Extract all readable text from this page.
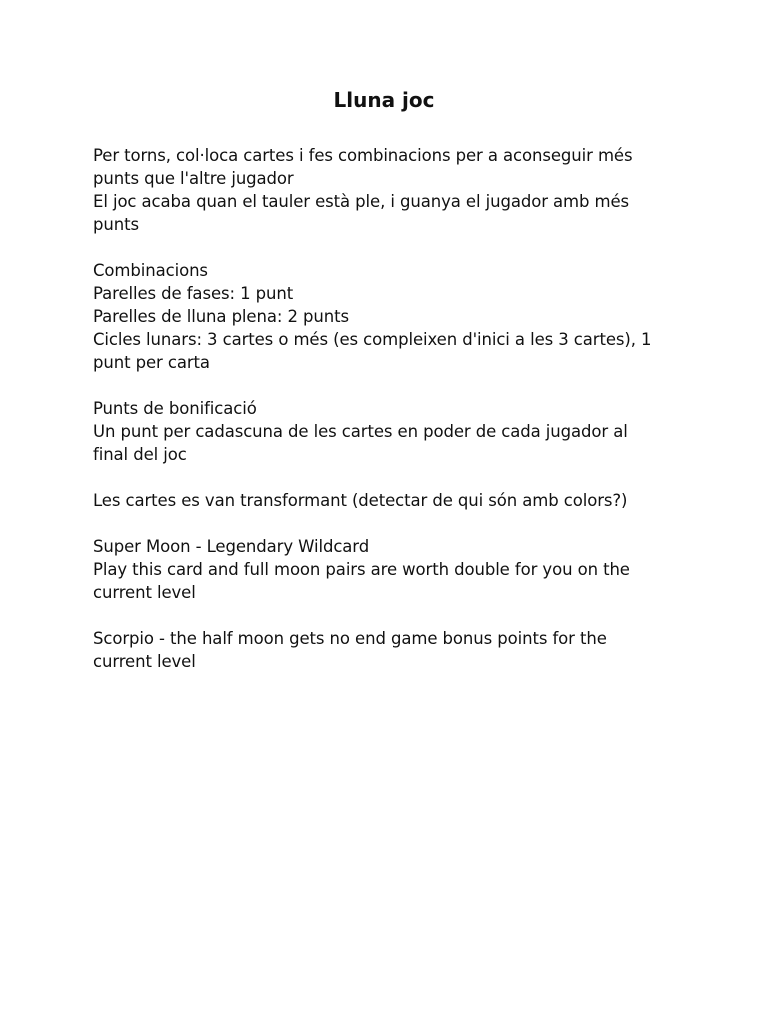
Lluna joc
Per torns, col·loca cartes i fes combinacions per a aconseguir més
punts que l'altre jugador
El joc acaba quan el tauler està ple, i guanya el jugador amb més
punts
Combinacions
Parelles de fases: 1 punt
Parelles de lluna plena: 2 punts
Cicles lunars: 3 cartes o més (es compleixen d'inici a les 3 cartes), 1
punt per carta
Punts de bonificació
Un punt per cadascuna de les cartes en poder de cada jugador al
final del joc
Les cartes es van transformant (detectar de qui són amb colors?)
Super Moon - Legendary Wildcard
Play this card and full moon pairs are worth double for you on the
current level
Scorpio - the half moon gets no end game bonus points for the
current level
